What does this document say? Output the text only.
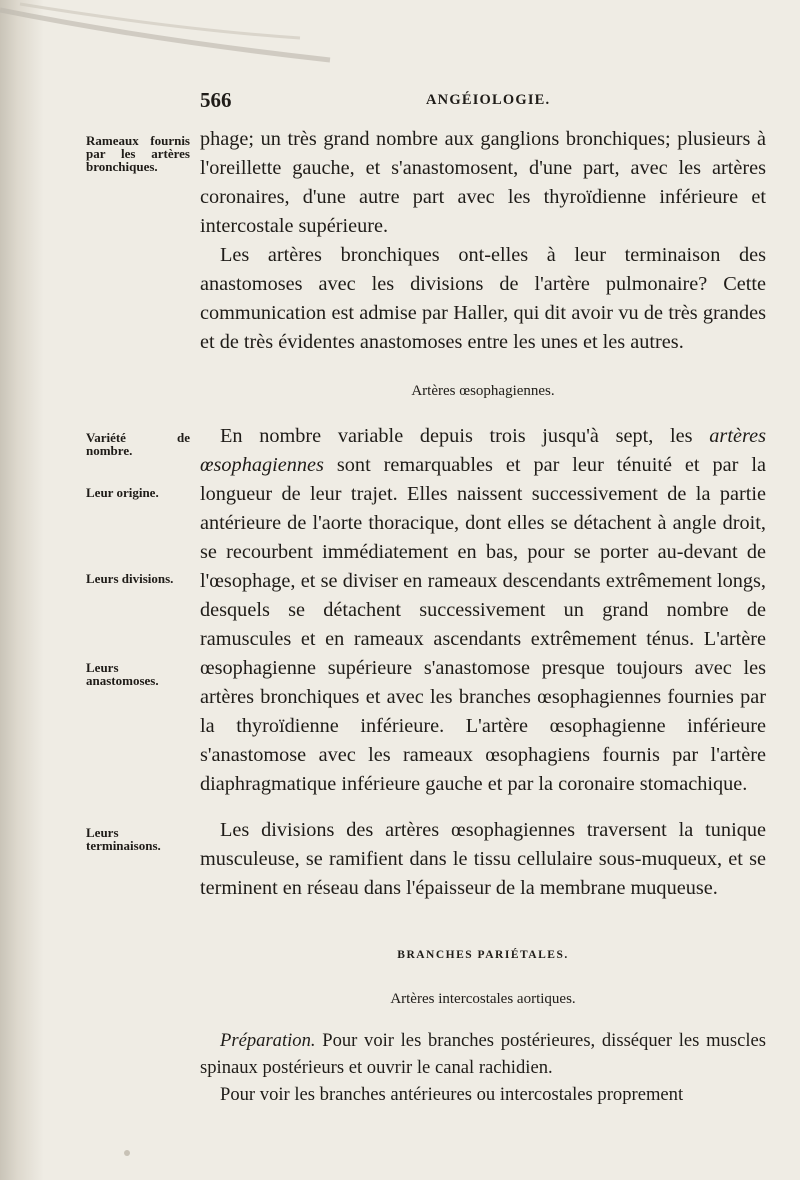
566	ANGÉIOLOGIE.
Rameaux fournis par les artères bronchiques.
Variété de nombre.
Leur origine.
Leurs divisions.
Leurs anastomoses.
Leurs terminaisons.

phage; un très grand nombre aux ganglions bronchiques; plusieurs à l'oreillette gauche, et s'anastomosent, d'une part, avec les artères coronaires, d'une autre part avec les thyroïdienne inférieure et intercostale supérieure.

Les artères bronchiques ont-elles à leur terminaison des anastomoses avec les divisions de l'artère pulmonaire? Cette communication est admise par Haller, qui dit avoir vu de très grandes et de très évidentes anastomoses entre les unes et les autres.

Artères œsophagiennes.

En nombre variable depuis trois jusqu'à sept, les artères œsophagiennes sont remarquables et par leur ténuité et par la longueur de leur trajet. Elles naissent successivement de la partie antérieure de l'aorte thoracique, dont elles se détachent à angle droit, se recourbent immédiatement en bas, pour se porter au-devant de l'œsophage, et se diviser en rameaux descendants extrêmement longs, desquels se détachent successivement un grand nombre de ramuscules et en rameaux ascendants extrêmement ténus. L'artère œsophagienne supérieure s'anastomose presque toujours avec les artères bronchiques et avec les branches œsophagiennes fournies par la thyroïdienne inférieure. L'artère œsophagienne inférieure s'anastomose avec les rameaux œsophagiens fournis par l'artère diaphragmatique inférieure gauche et par la coronaire stomachique.

Les divisions des artères œsophagiennes traversent la tunique musculeuse, se ramifient dans le tissu cellulaire sous-muqueux, et se terminent en réseau dans l'épaisseur de la membrane muqueuse.

BRANCHES PARIÉTALES.
Artères intercostales aortiques.

Préparation. Pour voir les branches postérieures, disséquer les muscles spinaux postérieurs et ouvrir le canal rachidien.

Pour voir les branches antérieures ou intercostales proprement
